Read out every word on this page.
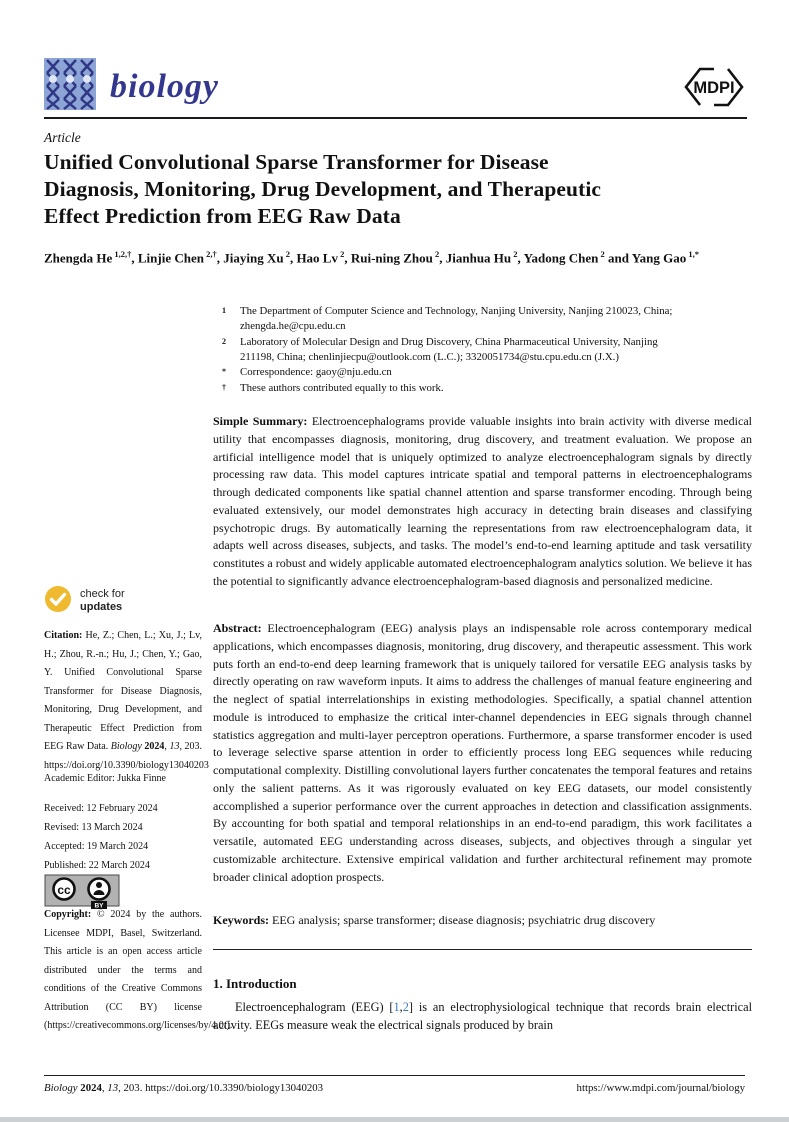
biology	MDPI
Article
Unified Convolutional Sparse Transformer for Disease
Diagnosis, Monitoring, Drug Development, and Therapeutic
Effect Prediction from EEG Raw Data
Zhengda He $^{1,2,\dagger}$, Linjie Chen $^{2,\dagger}$, Jiaying Xu $^2$, Hao Lv $^2$, Rui-ning Zhou $^2$, Jianhua Hu $^2$, Yadong Chen $^2$ and Yang Gao $^{1,*}$
1	The Department of Computer Science and Technology, Nanjing University, Nanjing 210023, China; zhengda.he@cpu.edu.cn
2	Laboratory of Molecular Design and Drug Discovery, China Pharmaceutical University, Nanjing 211198, China; chenlinjiecpu@outlook.com (L.C.); 3320051734@stu.cpu.edu.cn (J.X.)
*	Correspondence: gaoy@nju.edu.cn
†	These authors contributed equally to this work.
Simple Summary: Electroencephalograms provide valuable insights into brain activity with diverse medical utility that encompasses diagnosis, monitoring, drug discovery, and treatment evaluation. We propose an artificial intelligence model that is uniquely optimized to analyze electroencephalogram signals by directly processing raw data. This model captures intricate spatial and temporal patterns in electroencephalograms through dedicated components like spatial channel attention and sparse transformer encoding. Through being evaluated extensively, our model demonstrates high accuracy in detecting brain diseases and classifying psychotropic drugs. By automatically learning the representations from raw electroencephalogram data, it adapts well across diseases, subjects, and tasks. The model’s end-to-end learning aptitude and task versatility constitutes a robust and widely applicable automated electroencephalogram analytics solution. We believe it has the potential to significantly advance electroencephalogram-based diagnosis and personalized medicine.
Abstract: Electroencephalogram (EEG) analysis plays an indispensable role across contemporary medical applications, which encompasses diagnosis, monitoring, drug discovery, and therapeutic assessment. This work puts forth an end-to-end deep learning framework that is uniquely tailored for versatile EEG analysis tasks by directly operating on raw waveform inputs. It aims to address the challenges of manual feature engineering and the neglect of spatial interrelationships in existing methodologies. Specifically, a spatial channel attention module is introduced to emphasize the critical inter-channel dependencies in EEG signals through channel statistics aggregation and multi-layer perceptron operations. Furthermore, a sparse transformer encoder is used to leverage selective sparse attention in order to efficiently process long EEG sequences while reducing computational complexity. Distilling convolutional layers further concatenates the temporal features and retains only the salient patterns. As it was rigorously evaluated on key EEG datasets, our model consistently accomplished a superior performance over the current approaches in detection and classification assignments. By accounting for both spatial and temporal relationships in an end-to-end paradigm, this work facilitates a versatile, automated EEG understanding across diseases, subjects, and objectives through a singular yet customizable architecture. Extensive empirical validation and further architectural refinement may promote broader clinical adoption prospects.
Keywords: EEG analysis; sparse transformer; disease diagnosis; psychiatric drug discovery
1. Introduction
Electroencephalogram (EEG) [1,2] is an electrophysiological technique that records brain electrical activity. EEGs measure weak the electrical signals produced by brain
check for
updates
Citation: He, Z.; Chen, L.; Xu, J.; Lv, H.; Zhou, R.-n.; Hu, J.; Chen, Y.; Gao, Y. Unified Convolutional Sparse Transformer for Disease Diagnosis, Monitoring, Drug Development, and Therapeutic Effect Prediction from EEG Raw Data. Biology 2024, 13, 203. https://doi.org/10.3390/biology13040203
Academic Editor: Jukka Finne
Received: 12 February 2024
Revised: 13 March 2024
Accepted: 19 March 2024
Published: 22 March 2024
cc
BY
Copyright: © 2024 by the authors. Licensee MDPI, Basel, Switzerland. This article is an open access article distributed under the terms and conditions of the Creative Commons Attribution (CC BY) license (https://creativecommons.org/licenses/by/4.0/).
Biology 2024, 13, 203. https://doi.org/10.3390/biology13040203	https://www.mdpi.com/journal/biology
